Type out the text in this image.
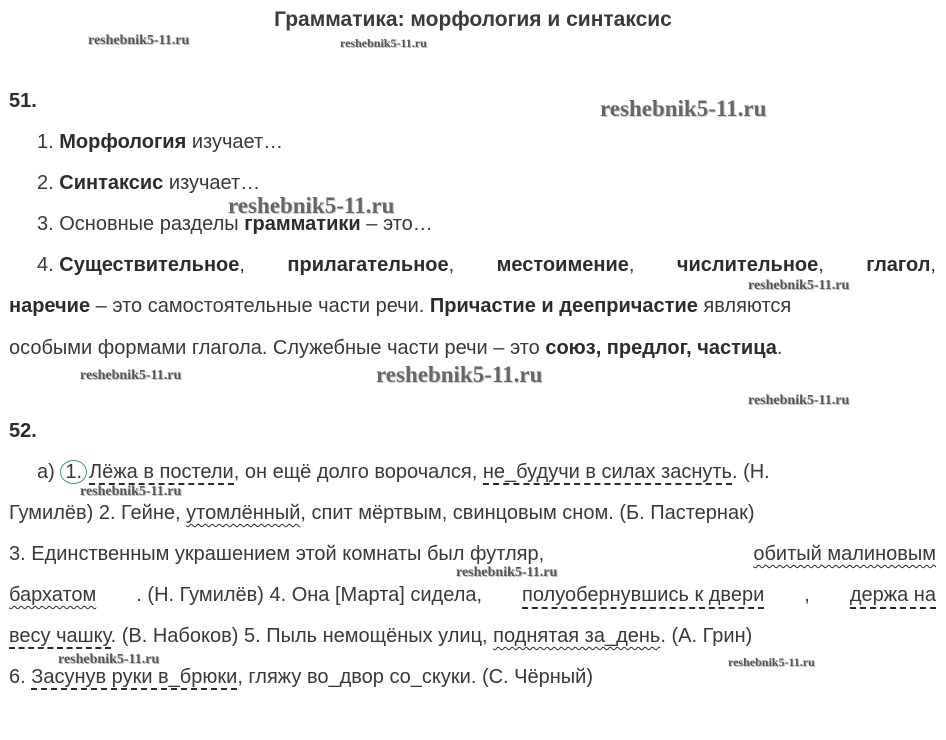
Грамматика: морфология и синтаксис
reshebnik5-11.ru	reshebnik5-11.ru
reshebnik5-11.ru
reshebnik5-11.ru
reshebnik5-11.ru	reshebnik5-11.ru
reshebnik5-11.ru
reshebnik5-11.ru
reshebnik5-11.ru
reshebnik5-11.ru
reshebnik5-11.ru	reshebnik5-11.ru
51.
1. Морфология изучает…
2. Синтаксис изучает…
3. Основные разделы грамматики – это…
4. Существительное, прилагательное, местоимение, числительное, глагол,
наречие – это самостоятельные части речи. Причастие и деепричастие являются
особыми формами глагола. Служебные части речи – это союз, предлог, частица.
52.
а) 1. Лёжа в постели, он ещё долго ворочался, не_будучи в силах заснуть. (Н.
Гумилёв) 2. Гейне, утомлённый, спит мёртвым, свинцовым сном. (Б. Пастернак)
3. Единственным украшением этой комнаты был футляр,	обитый малиновым
бархатом . (Н. Гумилёв) 4. Она [Марта] сидела, полуобернувшись к двери , держа на
весу чашку. (В. Набоков) 5. Пыль немощёных улиц, поднятая за_день. (А. Грин)
6. Засунув руки в_брюки, гляжу во_двор со_скуки. (С. Чёрный)
